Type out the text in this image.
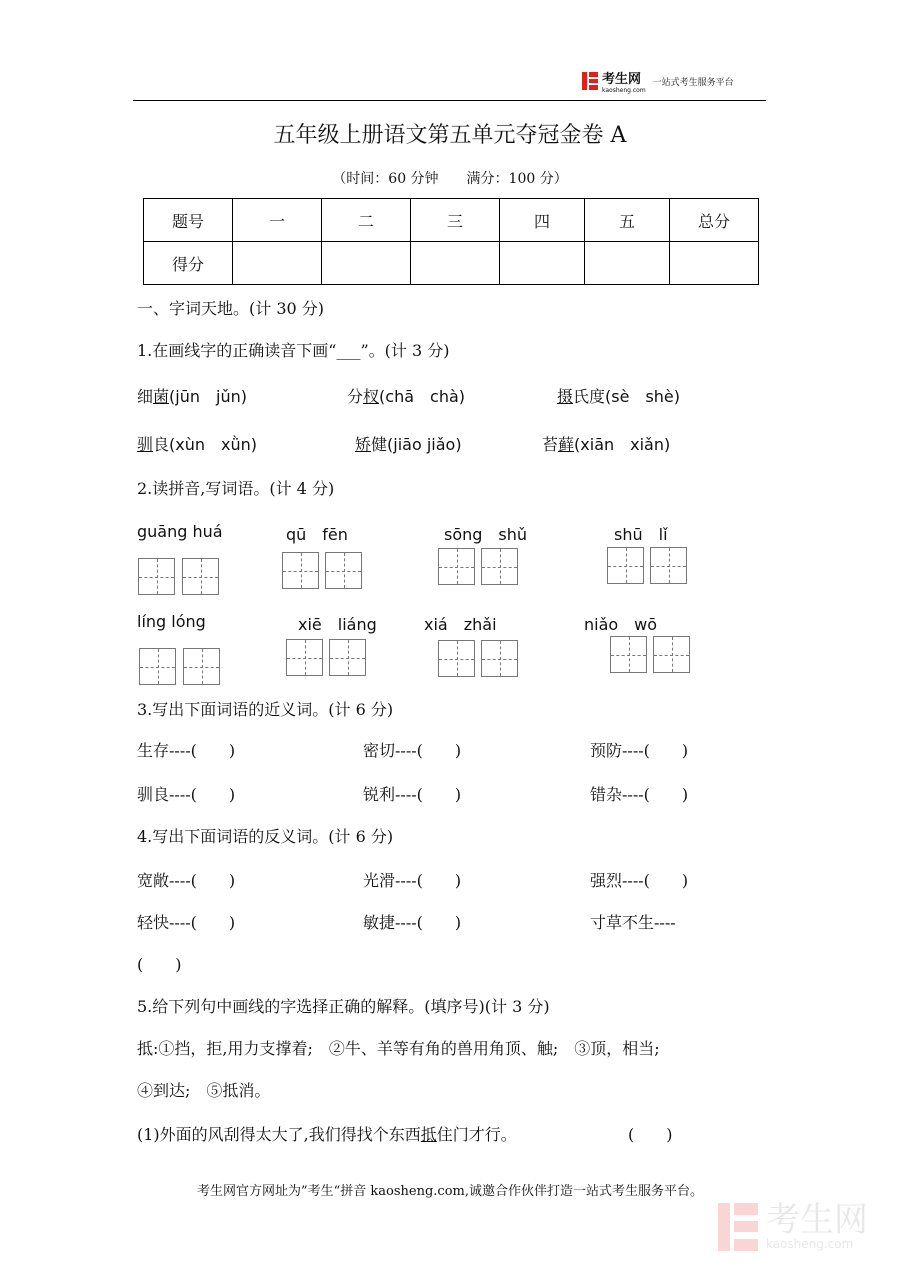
考生网
kaosheng.com
一站式考生服务平台
五年级上册语文第五单元夺冠金卷 A
（时间：60 分钟　　满分：100 分）
题号	一	二	三	四	五	总分
得分						
一、字词天地。(计 30 分)
1.在画线字的正确读音下画“___”。(计 3 分)
细菌(jūn　jǔn)	分杈(chā　chà)	摄氏度(sè　shè)
驯良(xùn　xǜn)	矫健(jiāo jiǎo)	苔藓(xiān　xiǎn)
2.读拼音,写词语。(计 4 分)
guāng huá	qū　fēn	sōng　shǔ	shū　lǐ
líng lóng	xiē　liáng	xiá　zhǎi	niǎo　wō
3.写出下面词语的近义词。(计 6 分)
生存----(　　)	密切----(　　)	预防----(　　)
驯良----(　　)	锐利----(　　)	错杂----(　　)
4.写出下面词语的反义词。(计 6 分)
宽敞----(　　)	光滑----(　　)	强烈----(　　)
轻快----(　　)	敏捷----(　　)	寸草不生----
(　　)
5.给下列句中画线的字选择正确的解释。(填序号)(计 3 分)
抵:①挡，拒,用力支撑着;　②牛、羊等有角的兽用角顶、触;　③顶，相当;
④到达;　⑤抵消。
(1)外面的风刮得太大了,我们得找个东西抵住门才行。	(　　)
考生网官方网址为”考生“拼音 kaosheng.com,诚邀合作伙伴打造一站式考生服务平台。
考生网
kaosheng.com
